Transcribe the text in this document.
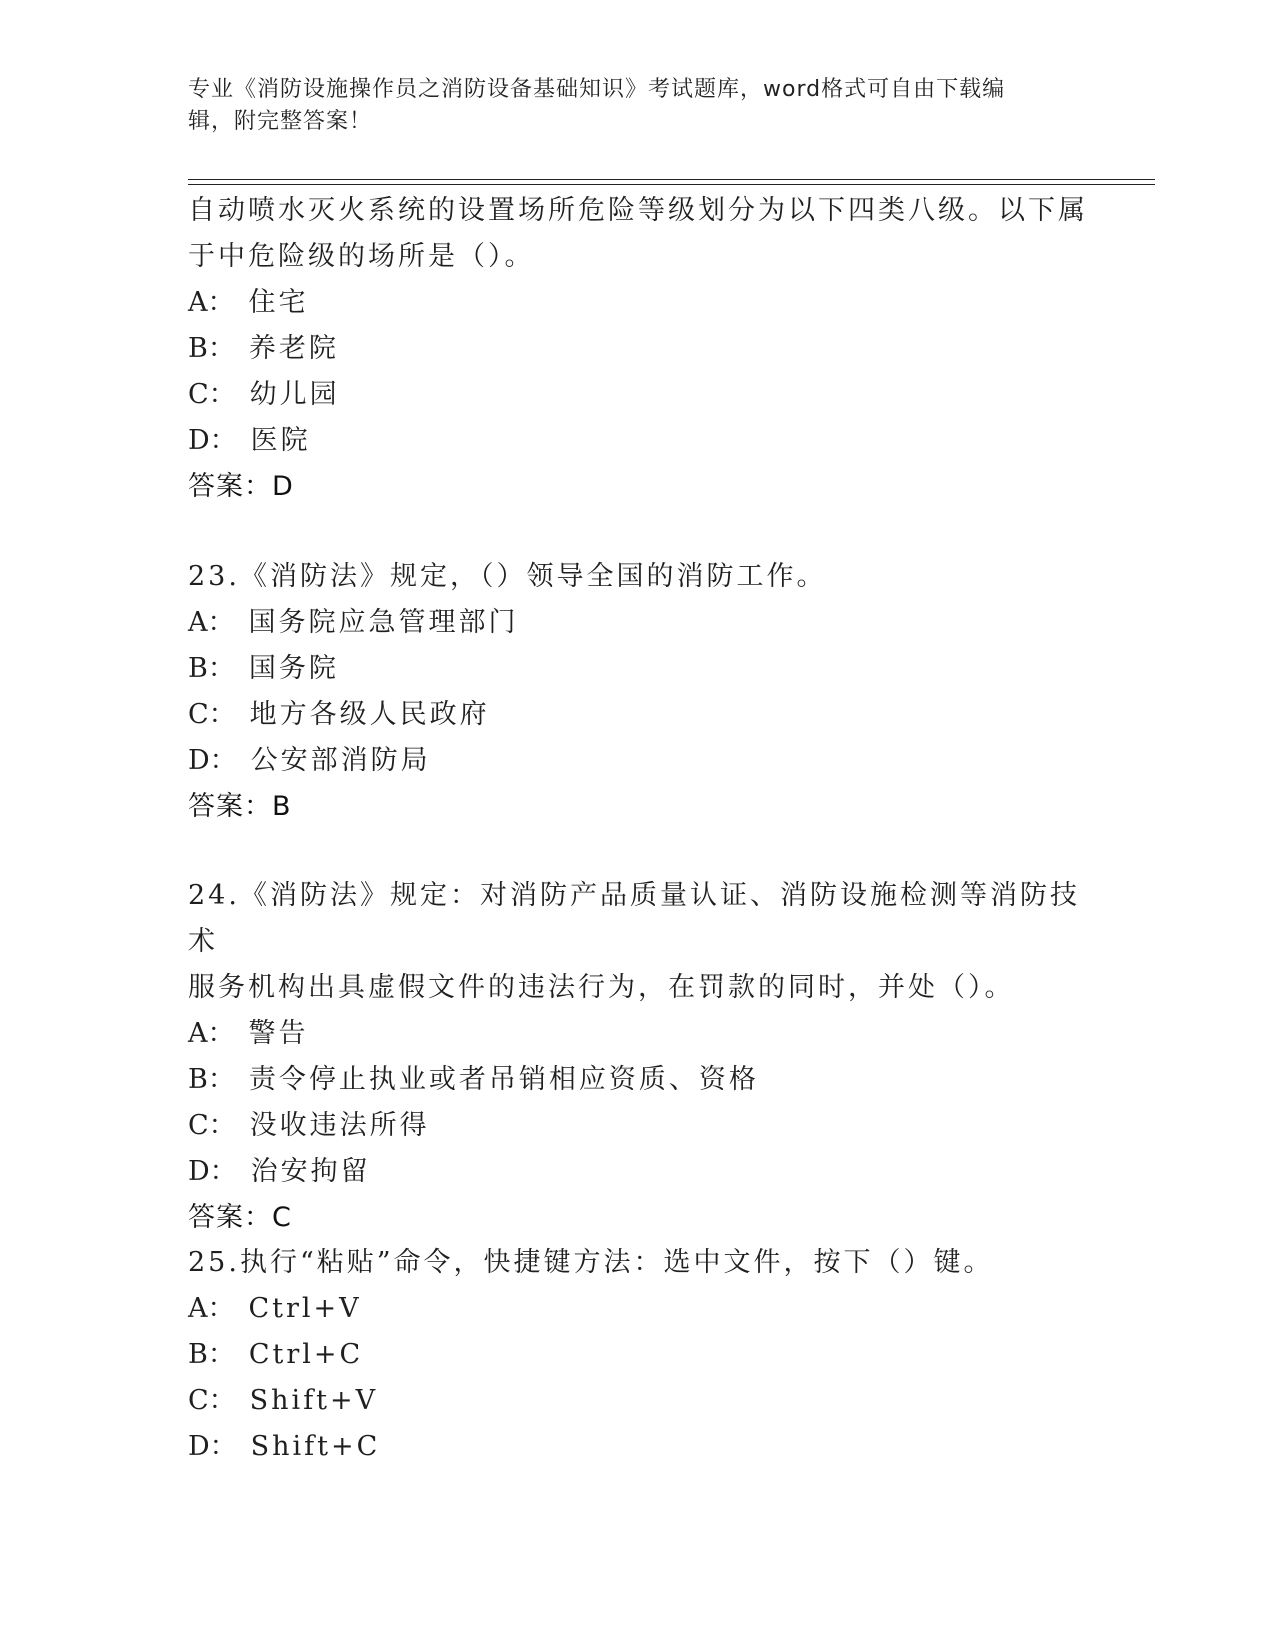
专业《消防设施操作员之消防设备基础知识》考试题库，word格式可自由下载编
辑，附完整答案！

自动喷水灭火系统的设置场所危险等级划分为以下四类八级。以下属

于中危险级的场所是（）。

A： 住宅

B： 养老院

C： 幼儿园

D： 医院

答案：D

23.《消防法》规定，（）领导全国的消防工作。

A： 国务院应急管理部门

B： 国务院

C： 地方各级人民政府

D： 公安部消防局

答案：B

24.《消防法》规定：对消防产品质量认证、消防设施检测等消防技术

服务机构出具虚假文件的违法行为，在罚款的同时，并处（）。

A： 警告

B： 责令停止执业或者吊销相应资质、资格

C： 没收违法所得

D： 治安拘留

答案：C

25.执行“粘贴”命令，快捷键方法：选中文件，按下（）键。

A： Ctrl+V

B： Ctrl+C

C： Shift+V

D： Shift+C
